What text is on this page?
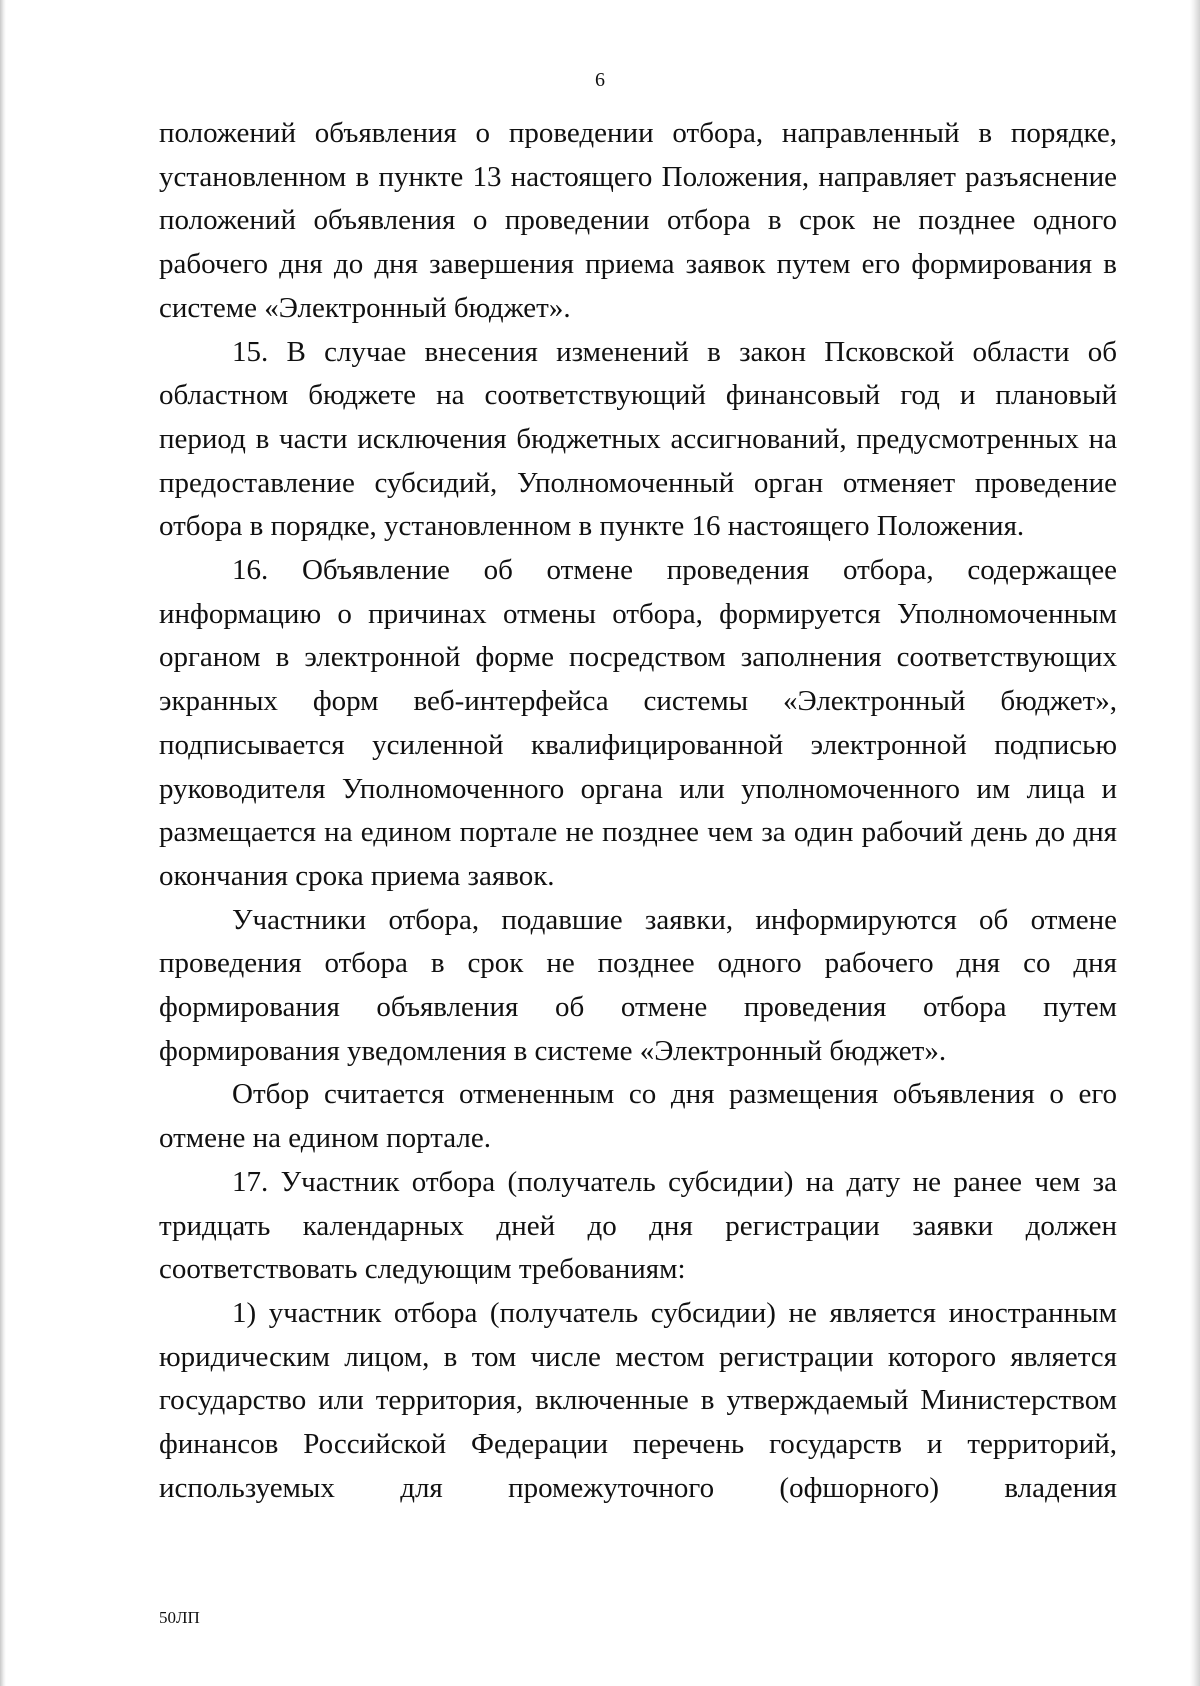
6

положений объявления о проведении отбора, направленный в порядке, установленном в пункте 13 настоящего Положения, направляет разъяснение положений объявления о проведении отбора в срок не позднее одного рабочего дня до дня завершения приема заявок путем его формирования в системе «Электронный бюджет».

15. В случае внесения изменений в закон Псковской области об областном бюджете на соответствующий финансовый год и плановый период в части исключения бюджетных ассигнований, предусмотренных на предоставление субсидий, Уполномоченный орган отменяет проведение отбора в порядке, установленном в пункте 16 настоящего Положения.

16. Объявление об отмене проведения отбора, содержащее информацию о причинах отмены отбора, формируется Уполномоченным органом в электронной форме посредством заполнения соответствующих экранных форм веб-интерфейса системы «Электронный бюджет», подписывается усиленной квалифицированной электронной подписью руководителя Уполномоченного органа или уполномоченного им лица и размещается на едином портале не позднее чем за один рабочий день до дня окончания срока приема заявок.

Участники отбора, подавшие заявки, информируются об отмене проведения отбора в срок не позднее одного рабочего дня со дня формирования объявления об отмене проведения отбора путем формирования уведомления в системе «Электронный бюджет».

Отбор считается отмененным со дня размещения объявления о его отмене на едином портале.

17. Участник отбора (получатель субсидии) на дату не ранее чем за тридцать календарных дней до дня регистрации заявки должен соответствовать следующим требованиям:

1) участник отбора (получатель субсидии) не является иностранным юридическим лицом, в том числе местом регистрации которого является государство или территория, включенные в утверждаемый Министерством финансов Российской Федерации перечень государств и территорий, используемых для промежуточного (офшорного) владения

50ЛП
